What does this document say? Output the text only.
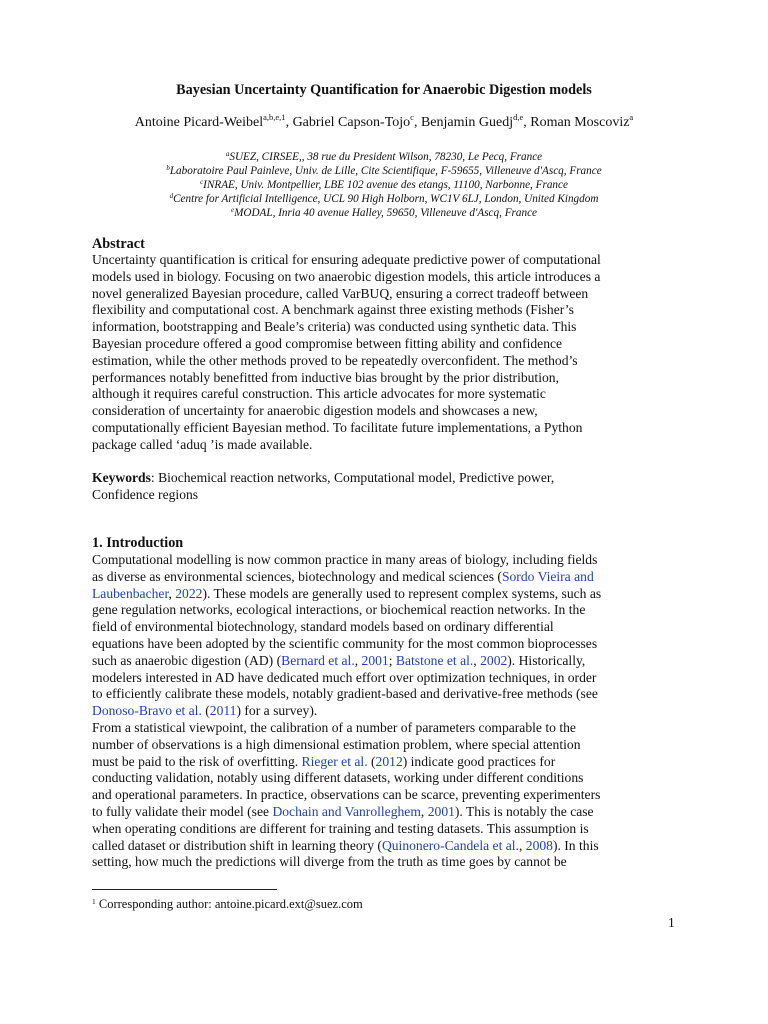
Bayesian Uncertainty Quantification for Anaerobic Digestion models
Antoine Picard-Weibel$^{a,b,e,1}$, Gabriel Capson-Tojo$^c$, Benjamin Guedj$^{d,e}$, Roman Moscoviz$^a$
$^a$SUEZ, CIRSEE,, 38 rue du President Wilson, 78230, Le Pecq, France
$^b$Laboratoire Paul Painleve, Univ. de Lille, Cite Scientifique, F-59655, Villeneuve d'Ascq, France
$^c$INRAE, Univ. Montpellier, LBE 102 avenue des etangs, 11100, Narbonne, France
$^d$Centre for Artificial Intelligence, UCL 90 High Holborn, WC1V 6LJ, London, United Kingdom
$^e$MODAL, Inria 40 avenue Halley, 59650, Villeneuve d'Ascq, France
Abstract
Uncertainty quantification is critical for ensuring adequate predictive power of computational
models used in biology. Focusing on two anaerobic digestion models, this article introduces a
novel generalized Bayesian procedure, called VarBUQ, ensuring a correct tradeoff between
flexibility and computational cost. A benchmark against three existing methods (Fisher’s
information, bootstrapping and Beale’s criteria) was conducted using synthetic data. This
Bayesian procedure offered a good compromise between fitting ability and confidence
estimation, while the other methods proved to be repeatedly overconfident. The method’s
performances notably benefitted from inductive bias brought by the prior distribution,
although it requires careful construction. This article advocates for more systematic
consideration of uncertainty for anaerobic digestion models and showcases a new,
computationally efficient Bayesian method. To facilitate future implementations, a Python
package called ‘aduq ’is made available.
Keywords: Biochemical reaction networks, Computational model, Predictive power,
Confidence regions
1. Introduction
Computational modelling is now common practice in many areas of biology, including fields
as diverse as environmental sciences, biotechnology and medical sciences (Sordo Vieira and
Laubenbacher, 2022). These models are generally used to represent complex systems, such as
gene regulation networks, ecological interactions, or biochemical reaction networks. In the
field of environmental biotechnology, standard models based on ordinary differential
equations have been adopted by the scientific community for the most common bioprocesses
such as anaerobic digestion (AD) (Bernard et al., 2001; Batstone et al., 2002). Historically,
modelers interested in AD have dedicated much effort over optimization techniques, in order
to efficiently calibrate these models, notably gradient-based and derivative-free methods (see
Donoso-Bravo et al. (2011) for a survey).
From a statistical viewpoint, the calibration of a number of parameters comparable to the
number of observations is a high dimensional estimation problem, where special attention
must be paid to the risk of overfitting. Rieger et al. (2012) indicate good practices for
conducting validation, notably using different datasets, working under different conditions
and operational parameters. In practice, observations can be scarce, preventing experimenters
to fully validate their model (see Dochain and Vanrolleghem, 2001). This is notably the case
when operating conditions are different for training and testing datasets. This assumption is
called dataset or distribution shift in learning theory (Quinonero-Candela et al., 2008). In this
setting, how much the predictions will diverge from the truth as time goes by cannot be
$^1$ Corresponding author: antoine.picard.ext@suez.com
1
